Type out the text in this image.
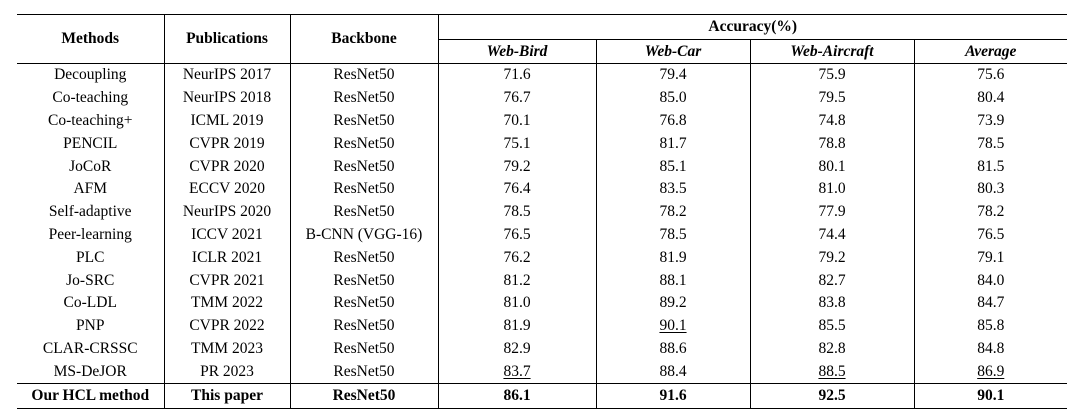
Methods	Publications	Backbone	Accuracy(%)			
			Web-Bird	Web-Car	Web-Aircraft	Average
Decoupling	NeurIPS 2017	ResNet50	71.6	79.4	75.9	75.6
Co-teaching	NeurIPS 2018	ResNet50	76.7	85.0	79.5	80.4
Co-teaching+	ICML 2019	ResNet50	70.1	76.8	74.8	73.9
PENCIL	CVPR 2019	ResNet50	75.1	81.7	78.8	78.5
JoCoR	CVPR 2020	ResNet50	79.2	85.1	80.1	81.5
AFM	ECCV 2020	ResNet50	76.4	83.5	81.0	80.3
Self-adaptive	NeurIPS 2020	ResNet50	78.5	78.2	77.9	78.2
Peer-learning	ICCV 2021	B-CNN (VGG-16)	76.5	78.5	74.4	76.5
PLC	ICLR 2021	ResNet50	76.2	81.9	79.2	79.1
Jo-SRC	CVPR 2021	ResNet50	81.2	88.1	82.7	84.0
Co-LDL	TMM 2022	ResNet50	81.0	89.2	83.8	84.7
PNP	CVPR 2022	ResNet50	81.9	90.1	85.5	85.8
CLAR-CRSSC	TMM 2023	ResNet50	82.9	88.6	82.8	84.8
MS-DeJOR	PR 2023	ResNet50	83.7	88.4	88.5	86.9
Our HCL method	This paper	ResNet50	86.1	91.6	92.5	90.1
